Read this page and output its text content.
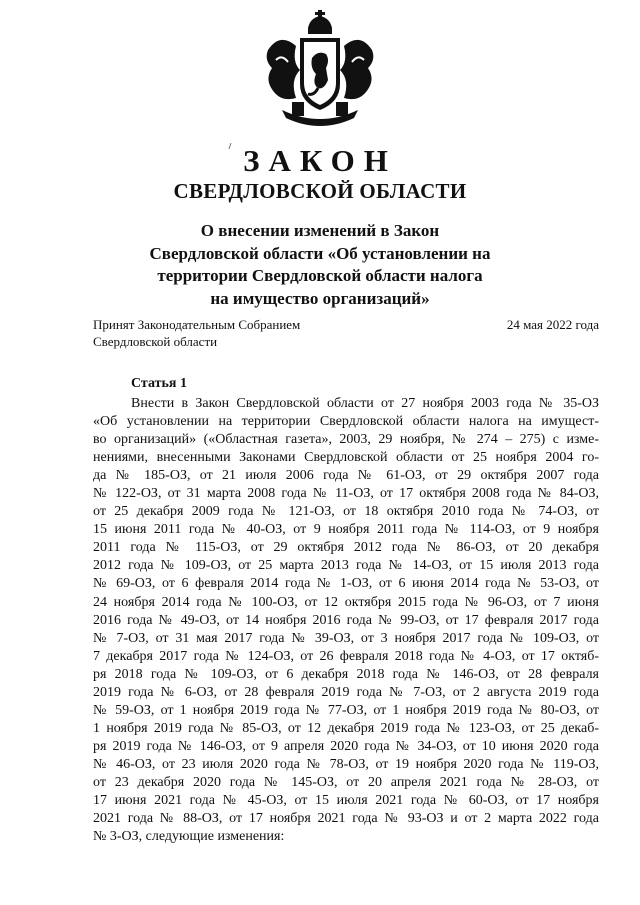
ЗАКОН
СВЕРДЛОВСКОЙ ОБЛАСТИ
О внесении изменений в Закон
Свердловской области «Об установлении на
территории Свердловской области налога
на имущество организаций»
Принят Законодательным Собранием
Свердловской области
24 мая 2022 года
Статья 1
Внести в Закон Свердловской области от 27 ноября 2003 года № 35-ОЗ
«Об установлении на территории Свердловской области налога на имущест-
во организаций» («Областная газета», 2003, 29 ноября, № 274 – 275) с изме-
нениями, внесенными Законами Свердловской области от 25 ноября 2004 го-
да № 185-ОЗ, от 21 июля 2006 года № 61-ОЗ, от 29 октября 2007 года
№ 122-ОЗ, от 31 марта 2008 года № 11-ОЗ, от 17 октября 2008 года № 84-ОЗ,
от 25 декабря 2009 года № 121-ОЗ, от 18 октября 2010 года № 74-ОЗ, от
15 июня 2011 года № 40-ОЗ, от 9 ноября 2011 года № 114-ОЗ, от 9 ноября
2011 года № 115-ОЗ, от 29 октября 2012 года № 86-ОЗ, от 20 декабря
2012 года № 109-ОЗ, от 25 марта 2013 года № 14-ОЗ, от 15 июля 2013 года
№ 69-ОЗ, от 6 февраля 2014 года № 1-ОЗ, от 6 июня 2014 года № 53-ОЗ, от
24 ноября 2014 года № 100-ОЗ, от 12 октября 2015 года № 96-ОЗ, от 7 июня
2016 года № 49-ОЗ, от 14 ноября 2016 года № 99-ОЗ, от 17 февраля 2017 года
№ 7-ОЗ, от 31 мая 2017 года № 39-ОЗ, от 3 ноября 2017 года № 109-ОЗ, от
7 декабря 2017 года № 124-ОЗ, от 26 февраля 2018 года № 4-ОЗ, от 17 октяб-
ря 2018 года № 109-ОЗ, от 6 декабря 2018 года № 146-ОЗ, от 28 февраля
2019 года № 6-ОЗ, от 28 февраля 2019 года № 7-ОЗ, от 2 августа 2019 года
№ 59-ОЗ, от 1 ноября 2019 года № 77-ОЗ, от 1 ноября 2019 года № 80-ОЗ, от
1 ноября 2019 года № 85-ОЗ, от 12 декабря 2019 года № 123-ОЗ, от 25 декаб-
ря 2019 года № 146-ОЗ, от 9 апреля 2020 года № 34-ОЗ, от 10 июня 2020 года
№ 46-ОЗ, от 23 июля 2020 года № 78-ОЗ, от 19 ноября 2020 года № 119-ОЗ,
от 23 декабря 2020 года № 145-ОЗ, от 20 апреля 2021 года № 28-ОЗ, от
17 июня 2021 года № 45-ОЗ, от 15 июля 2021 года № 60-ОЗ, от 17 ноября
2021 года № 88-ОЗ, от 17 ноября 2021 года № 93-ОЗ и от 2 марта 2022 года
№ 3-ОЗ, следующие изменения:
